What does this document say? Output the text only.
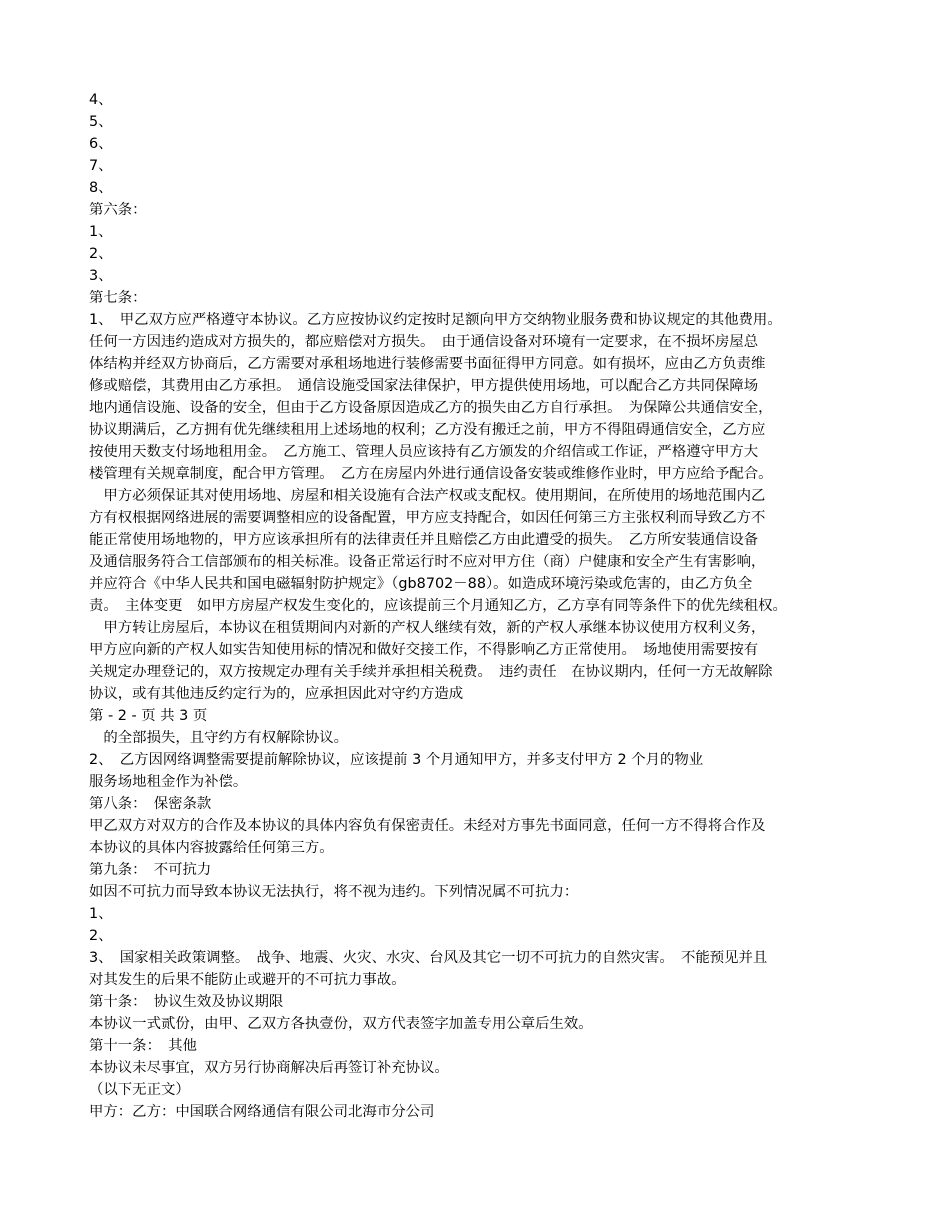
4、
5、
6、
7、
8、
第六条：
1、
2、
3、
第七条：
1、　甲乙双方应严格遵守本协议。乙方应按协议约定按时足额向甲方交纳物业服务费和协议规定的其他费用。
任何一方因违约造成对方损失的，都应赔偿对方损失。　由于通信设备对环境有一定要求，在不损坏房屋总
体结构并经双方协商后，乙方需要对承租场地进行装修需要书面征得甲方同意。如有损坏，应由乙方负责维
修或赔偿，其费用由乙方承担。　通信设施受国家法律保护，甲方提供使用场地，可以配合乙方共同保障场
地内通信设施、设备的安全，但由于乙方设备原因造成乙方的损失由乙方自行承担。　为保障公共通信安全，
协议期满后，乙方拥有优先继续租用上述场地的权利；乙方没有搬迁之前，甲方不得阻碍通信安全，乙方应
按使用天数支付场地租用金。　乙方施工、管理人员应该持有乙方颁发的介绍信或工作证，严格遵守甲方大
楼管理有关规章制度，配合甲方管理。　乙方在房屋内外进行通信设备安装或维修作业时，甲方应给予配合。
　甲方必须保证其对使用场地、房屋和相关设施有合法产权或支配权。使用期间，在所使用的场地范围内乙
方有权根据网络进展的需要调整相应的设备配置，甲方应支持配合，如因任何第三方主张权利而导致乙方不
能正常使用场地物的，甲方应该承担所有的法律责任并且赔偿乙方由此遭受的损失。　乙方所安装通信设备
及通信服务符合工信部颁布的相关标准。设备正常运行时不应对甲方住（商）户健康和安全产生有害影响，
并应符合《中华人民共和国电磁辐射防护规定》（gb8702－88）。如造成环境污染或危害的，由乙方负全
责。　主体变更　如甲方房屋产权发生变化的，应该提前三个月通知乙方，乙方享有同等条件下的优先续租权。
　甲方转让房屋后，本协议在租赁期间内对新的产权人继续有效，新的产权人承继本协议使用方权利义务，
甲方应向新的产权人如实告知使用标的情况和做好交接工作，不得影响乙方正常使用。　场地使用需要按有
关规定办理登记的，双方按规定办理有关手续并承担相关税费。　违约责任　在协议期内，任何一方无故解除
协议，或有其他违反约定行为的，应承担因此对守约方造成
第 - 2 - 页 共 3 页
　的全部损失，且守约方有权解除协议。
2、　乙方因网络调整需要提前解除协议，应该提前 3 个月通知甲方，并多支付甲方 2 个月的物业
服务场地租金作为补偿。
第八条：　保密条款
甲乙双方对双方的合作及本协议的具体内容负有保密责任。未经对方事先书面同意，任何一方不得将合作及
本协议的具体内容披露给任何第三方。
第九条：　不可抗力
如因不可抗力而导致本协议无法执行，将不视为违约。下列情况属不可抗力：
1、
2、
3、　国家相关政策调整。　战争、地震、火灾、水灾、台风及其它一切不可抗力的自然灾害。　不能预见并且
对其发生的后果不能防止或避开的不可抗力事故。
第十条：　协议生效及协议期限
本协议一式贰份，由甲、乙双方各执壹份，双方代表签字加盖专用公章后生效。
第十一条：　其他
本协议未尽事宜，双方另行协商解决后再签订补充协议。
（以下无正文）
甲方：乙方：中国联合网络通信有限公司北海市分公司
